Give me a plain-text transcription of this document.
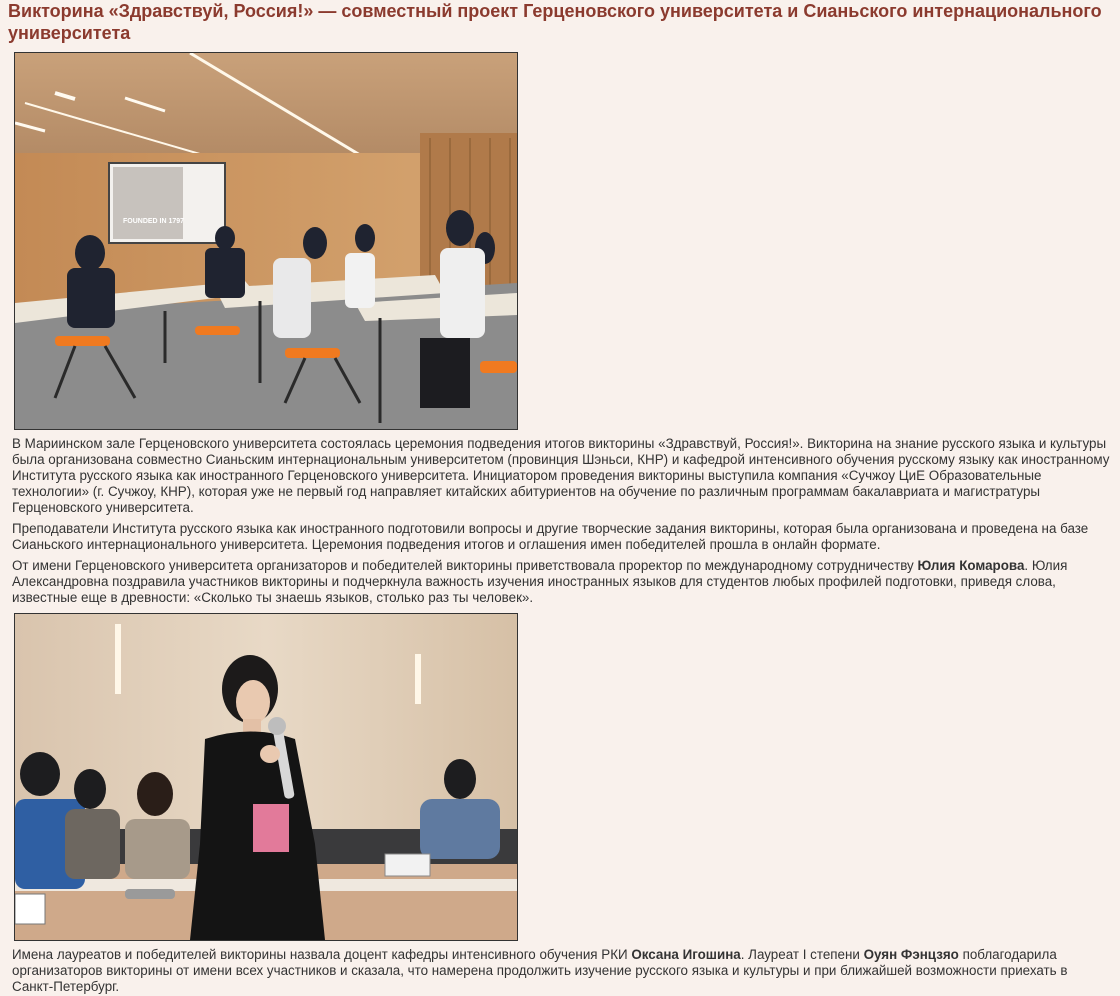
Викторина «Здравствуй, Россия!» — совместный проект Герценовского университета и Сианьского интернационального университета
FOUNDED IN 1797

В Мариинском зале Герценовского университета состоялась церемония подведения итогов викторины «Здравствуй, Россия!». Викторина на знание русского языка и культуры была организована совместно Сианьским интернациональным университетом (провинция Шэньси, КНР) и кафедрой интенсивного обучения русскому языку как иностранному Института русского языка как иностранного Герценовского университета. Инициатором проведения викторины выступила компания «Сучжоу ЦиЕ Образовательные технологии» (г. Сучжоу, КНР), которая уже не первый год направляет китайских абитуриентов на обучение по различным программам бакалавриата и магистратуры Герценовского университета.

Преподаватели Института русского языка как иностранного подготовили вопросы и другие творческие задания викторины, которая была организована и проведена на базе Сианьского интернационального университета. Церемония подведения итогов и оглашения имен победителей прошла в онлайн формате.

От имени Герценовского университета организаторов и победителей викторины приветствовала проректор по международному сотрудничеству Юлия Комарова. Юлия Александровна поздравила участников викторины и подчеркнула важность изучения иностранных языков для студентов любых профилей подготовки, приведя слова, известные еще в древности: «Сколько ты знаешь языков, столько раз ты человек».

Имена лауреатов и победителей викторины назвала доцент кафедры интенсивного обучения РКИ Оксана Игошина. Лауреат I степени Оуян Фэнцзяо поблагодарила организаторов викторины от имени всех участников и сказала, что намерена продолжить изучение русского языка и культуры и при ближайшей возможности приехать в Санкт-Петербург.
